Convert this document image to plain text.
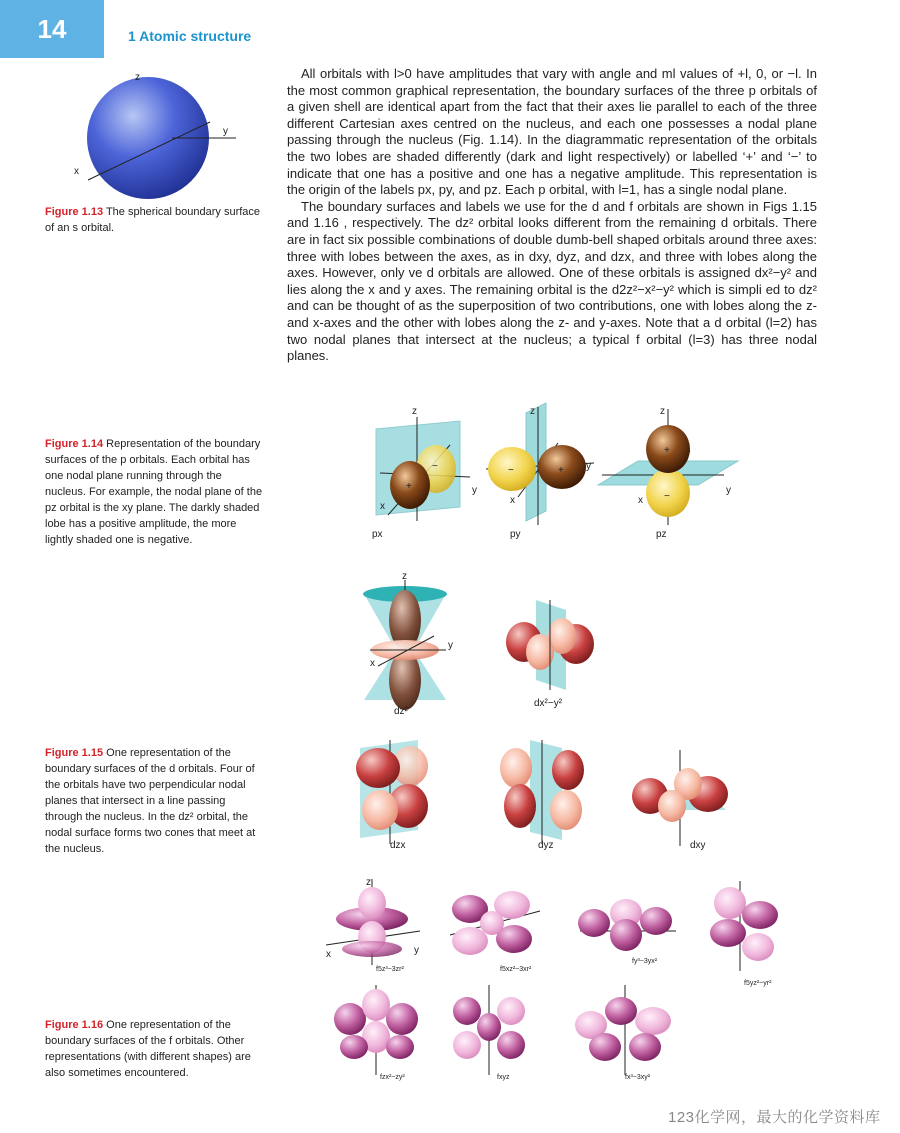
14	1 Atomic structure
z
y
x
Figure 1.13 The spherical boundary surface of an s orbital.

All orbitals with l>0 have amplitudes that vary with angle and ml values of +l, 0, or −l. In the most common graphical representation, the boundary surfaces of the three p orbitals of a given shell are identical apart from the fact that their axes lie parallel to each of the three different Cartesian axes centred on the nucleus, and each one possesses a nodal plane passing through the nucleus (Fig. 1.14). In the diagrammatic representation of the orbitals the two lobes are shaded differently (dark and light respectively) or labelled ‘+’ and ‘−’ to indicate that one has a positive and one has a negative amplitude. This representation is the origin of the labels px, py, and pz. Each p orbital, with l=1, has a single nodal plane.

The boundary surfaces and labels we use for the d and f orbitals are shown in Figs 1.15 and 1.16 , respectively. The dz² orbital looks different from the remaining d orbitals. There are in fact six possible combinations of double dumb-bell shaped orbitals around three axes: three with lobes between the axes, as in dxy, dyz, and dzx, and three with lobes along the axes. However, only ve d orbitals are allowed. One of these orbitals is assigned dx²−y² and lies along the x and y axes. The remaining orbital is the d2z²−x²−y² which is simpli ed to dz² and can be thought of as the superposition of two contributions, one with lobes along the z- and x-axes and the other with lobes along the z- and y-axes. Note that a d orbital (l=2) has two nodal planes that intersect at the nucleus; a typical f orbital (l=3) has three nodal planes.

+
−
z
y
x
px
−	+
z
y
x
py
+
−
z
y
x
pz
Figure 1.14 Representation of the boundary surfaces of the p orbitals. Each orbital has one nodal plane running through the nucleus. For example, the nodal plane of the pz orbital is the xy plane. The darkly shaded lobe has a positive amplitude, the more lightly shaded one is negative.
z
y
x
dz²
dx²−y²
dzx	dyz	dxy
Figure 1.15 One representation of the boundary surfaces of the d orbitals. Four of the orbitals have two perpendicular nodal planes that intersect in a line passing through the nucleus. In the dz² orbital, the nodal surface forms two cones that meet at the nucleus.
z
x	y
f5z³−3zr²	f5xz²−3xr²
fy³−3yx²
f5yz²−yr²
fzx²−zy²	fxyz	fx³−3xy²
Figure 1.16 One representation of the boundary surfaces of the f orbitals. Other representations (with different shapes) are also sometimes encountered.
123化学网，最大的化学资料库
